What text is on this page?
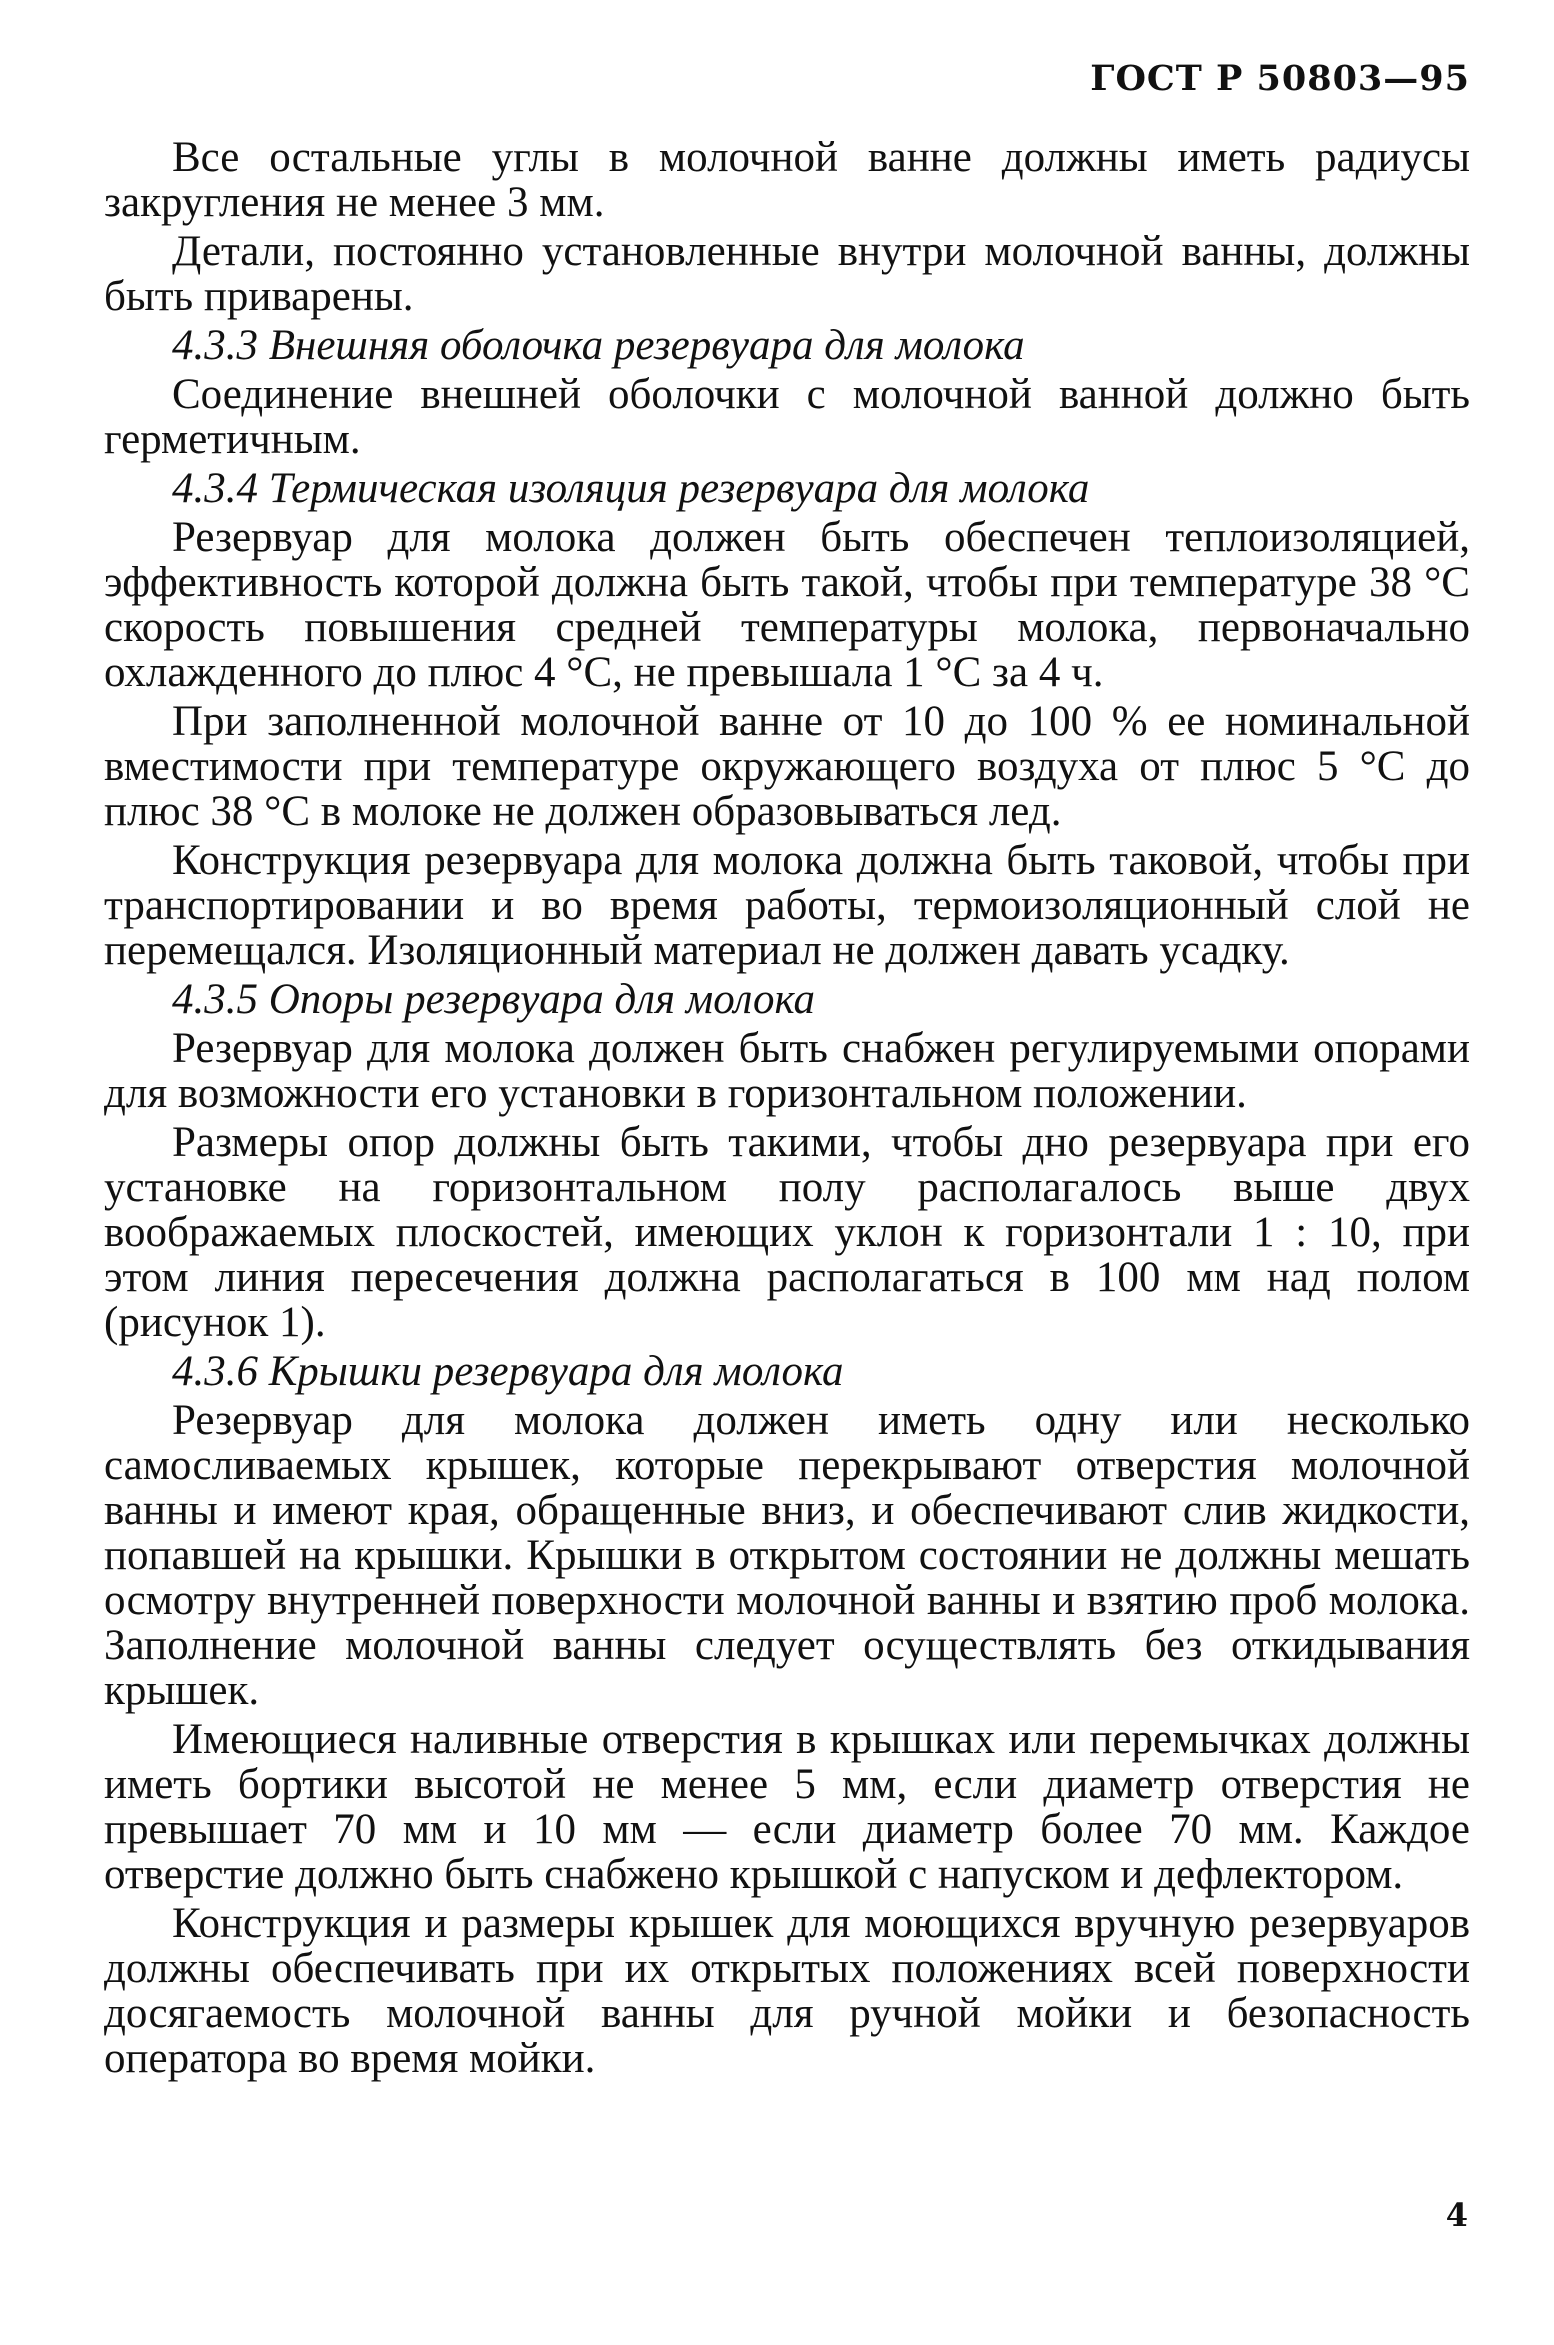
ГОСТ Р 50803—95

Все остальные углы в молочной ванне должны иметь радиусы закругления не менее 3 мм.

Детали, постоянно установленные внутри молочной ванны, должны быть приварены.

4.3.3 Внешняя оболочка резервуара для молока

Соединение внешней оболочки с молочной ванной должно быть герметичным.

4.3.4 Термическая изоляция резервуара для молока

Резервуар для молока должен быть обеспечен теплоизоляцией, эффективность которой должна быть такой, чтобы при температуре 38 °С скорость повышения средней температуры молока, первоначально охлажденного до плюс 4 °С, не превышала 1 °С за 4 ч.

При заполненной молочной ванне от 10 до 100 % ее номинальной вместимости при температуре окружающего воздуха от плюс 5 °С до плюс 38 °С в молоке не должен образовываться лед.

Конструкция резервуара для молока должна быть таковой, чтобы при транспортировании и во время работы, термоизоляционный слой не перемещался. Изоляционный материал не должен давать усадку.

4.3.5 Опоры резервуара для молока

Резервуар для молока должен быть снабжен регулируемыми опорами для возможности его установки в горизонтальном положении.

Размеры опор должны быть такими, чтобы дно резервуара при его установке на горизонтальном полу располагалось выше двух воображаемых плоскостей, имеющих уклон к горизонтали 1 : 10, при этом линия пересечения должна располагаться в 100 мм над полом (рисунок 1).

4.3.6 Крышки резервуара для молока

Резервуар для молока должен иметь одну или несколько самосливаемых крышек, которые перекрывают отверстия молочной ванны и имеют края, обращенные вниз, и обеспечивают слив жидкости, попавшей на крышки. Крышки в открытом состоянии не должны мешать осмотру внутренней поверхности молочной ванны и взятию проб молока. Заполнение молочной ванны следует осуществлять без откидывания крышек.

Имеющиеся наливные отверстия в крышках или перемычках должны иметь бортики высотой не менее 5 мм, если диаметр отверстия не превышает 70 мм и 10 мм — если диаметр более 70 мм. Каждое отверстие должно быть снабжено крышкой с напуском и дефлектором.

Конструкция и размеры крышек для моющихся вручную резервуаров должны обеспечивать при их открытых положениях всей поверхности досягаемость молочной ванны для ручной мойки и безопасность оператора во время мойки.

4
